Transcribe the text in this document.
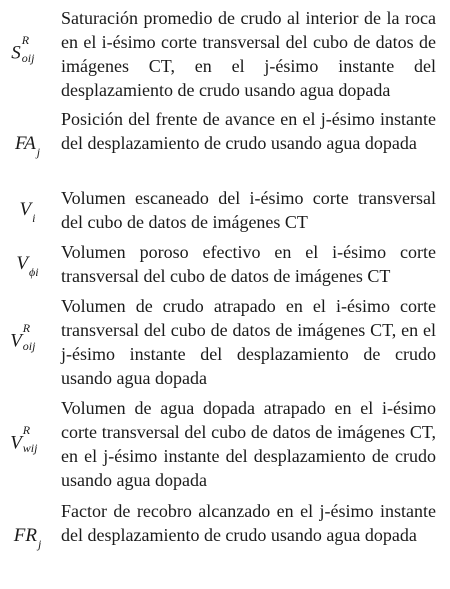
S
R
oij
Saturación promedio de crudo al interior de la roca en el i-ésimo corte transversal del cubo de datos de imágenes CT, en el j-ésimo instante del desplazamiento de crudo usando agua dopada
$FA_j$
Posición del frente de avance en el j-ésimo instante del desplazamiento de crudo usando agua dopada
$V_i$
Volumen escaneado del i-ésimo corte transversal del cubo de datos de imágenes CT
$V_{\phi i}$
Volumen poroso efectivo en el i-ésimo corte transversal del cubo de datos de imágenes CT
V
R
oij
Volumen de crudo atrapado en el i-ésimo corte transversal del cubo de datos de imágenes CT, en el j-ésimo instante del desplazamiento de crudo usando agua dopada
V
R
wij
Volumen de agua dopada atrapado en el i-ésimo corte transversal del cubo de datos de imágenes CT, en el j-ésimo instante del desplazamiento de crudo usando agua dopada
$FR_j$
Factor de recobro alcanzado en el j-ésimo instante del desplazamiento de crudo usando agua dopada
